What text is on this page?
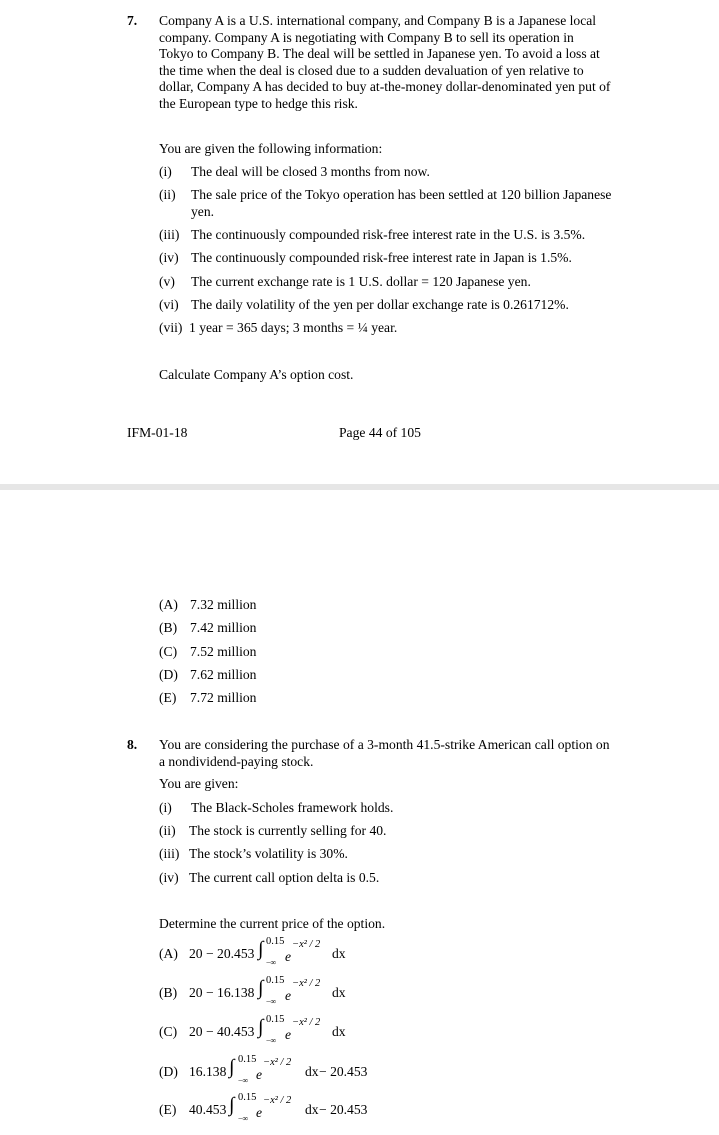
7. Company A is a U.S. international company, and Company B is a Japanese local
company. Company A is negotiating with Company B to sell its operation in
Tokyo to Company B. The deal will be settled in Japanese yen. To avoid a loss at
the time when the deal is closed due to a sudden devaluation of yen relative to
dollar, Company A has decided to buy at-the-money dollar-denominated yen put of
the European type to hedge this risk.
You are given the following information:
(i) The deal will be closed 3 months from now.
(ii) The sale price of the Tokyo operation has been settled at 120 billion Japanese
yen.
(iii) The continuously compounded risk-free interest rate in the U.S. is 3.5%.
(iv) The continuously compounded risk-free interest rate in Japan is 1.5%.
(v) The current exchange rate is 1 U.S. dollar = 120 Japanese yen.
(vi) The daily volatility of the yen per dollar exchange rate is 0.261712%.
(vii) 1 year = 365 days; 3 months = ¼ year.
Calculate Company A’s option cost.
IFM-01-18	Page 44 of 105
(A) 7.32 million
(B) 7.42 million
(C) 7.52 million
(D) 7.62 million
(E) 7.72 million
8. You are considering the purchase of a 3-month 41.5-strike American call option on
a nondividend-paying stock.
You are given:
(i) The Black-Scholes framework holds.
(ii) The stock is currently selling for 40.
(iii) The stock’s volatility is 30%.
(iv) The current call option delta is 0.5.
Determine the current price of the option.
(A) 20 − 20.453 ∫ 0.15
−∞ e
−x² / 2
dx
(B) 20 − 16.138 ∫ 0.15
−∞ e
−x² / 2
dx
(C) 20 − 40.453 ∫ 0.15
−∞ e
−x² / 2
dx
(D) 16.138 ∫ 0.15
−∞ e
−x² / 2
dx − 20.453
(E) 40.453 ∫ 0.15
−∞ e
−x² / 2
dx − 20.453
